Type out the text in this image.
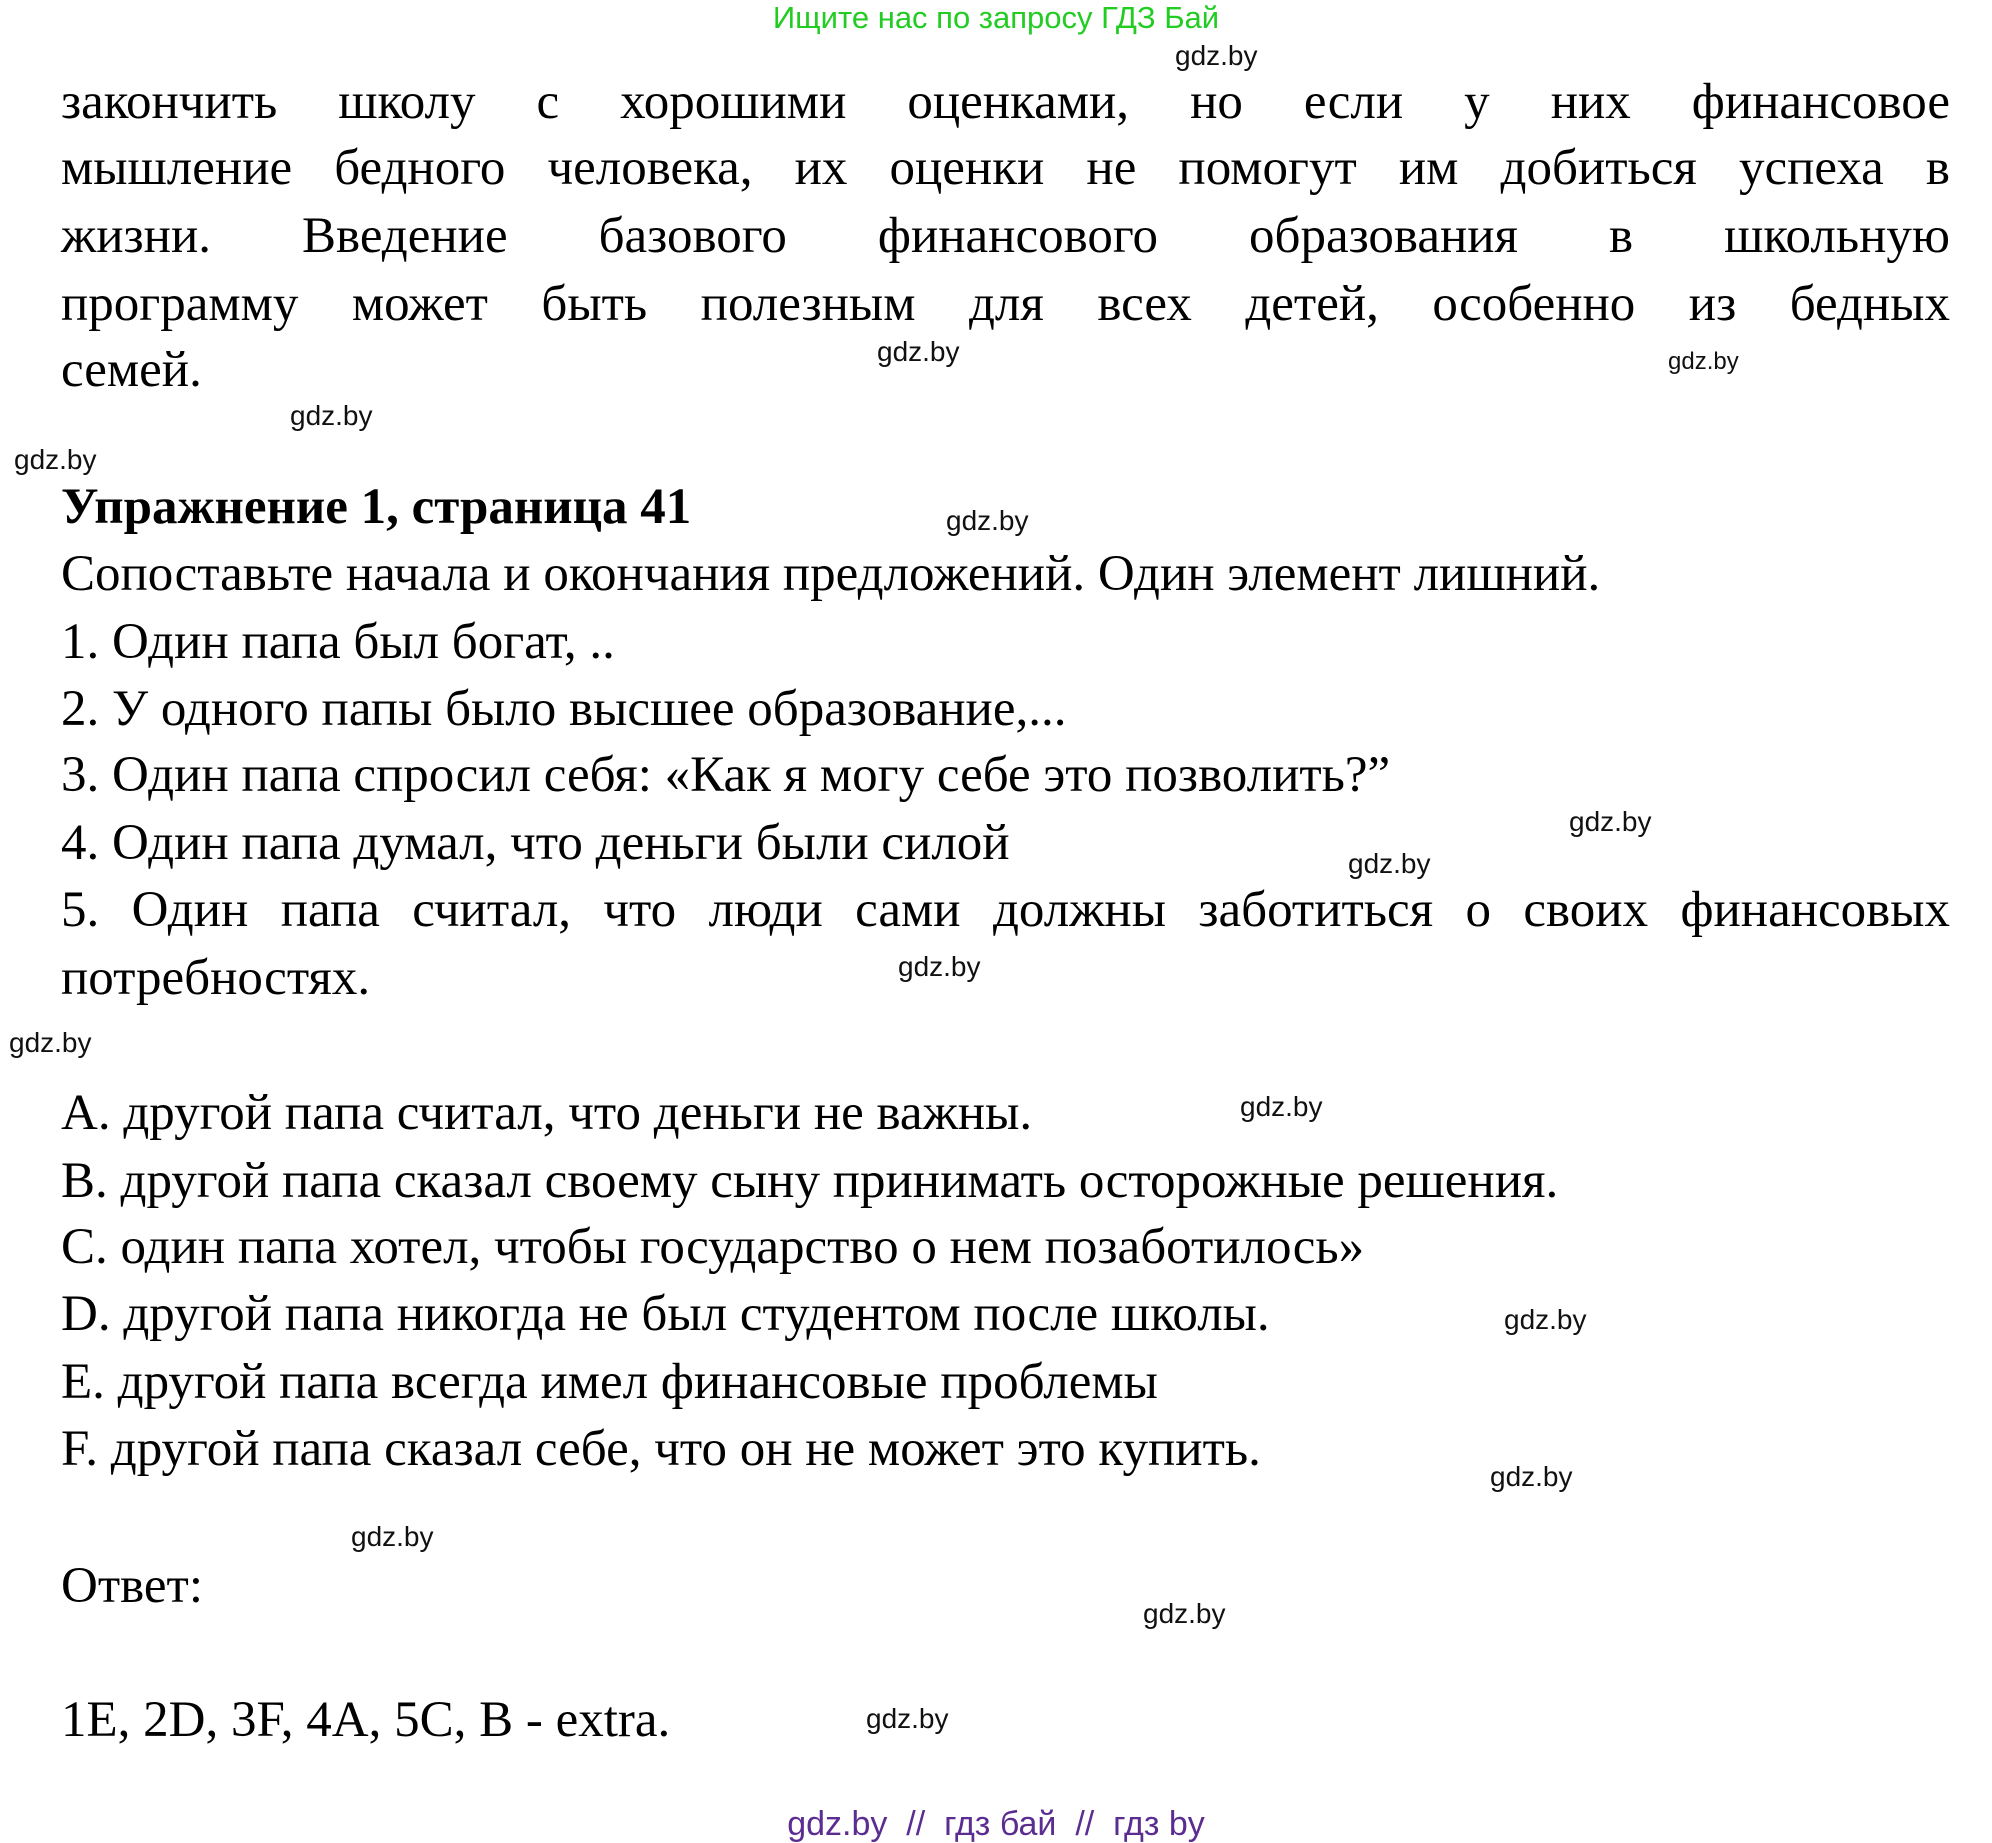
Ищите нас по запросу ГДЗ Бай
закончить школу с хорошими оценками, но если у них финансовое
мышление бедного человека, их оценки не помогут им добиться успеха в
жизни. Введение базового финансового образования в школьную
программу может быть полезным для всех детей, особенно из бедных
семей.
Упражнение 1, страница 41
Сопоставьте начала и окончания предложений. Один элемент лишний.
1. Один папа был богат, ..
2. У одного папы было высшее образование,...
3. Один папа спросил себя: «Как я могу себе это позволить?”
4. Один папа думал, что деньги были силой
5. Один папа считал, что люди сами должны заботиться о своих финансовых
потребностях.
A. другой папа считал, что деньги не важны.
B. другой папа сказал своему сыну принимать осторожные решения.
C. один папа хотел, чтобы государство о нем позаботилось»
D. другой папа никогда не был студентом после школы.
E. другой папа всегда имел финансовые проблемы
F. другой папа сказал себе, что он не может это купить.
Ответ:
1E, 2D, 3F, 4A, 5C, B - extra.
gdz.by
gdz.by
gdz.by
gdz.by
gdz.by
gdz.by
gdz.by
gdz.by
gdz.by
gdz.by
gdz.by
gdz.by
gdz.by
gdz.by
gdz.by
gdz.by
gdz.by  //  гдз бай  //  гдз by
